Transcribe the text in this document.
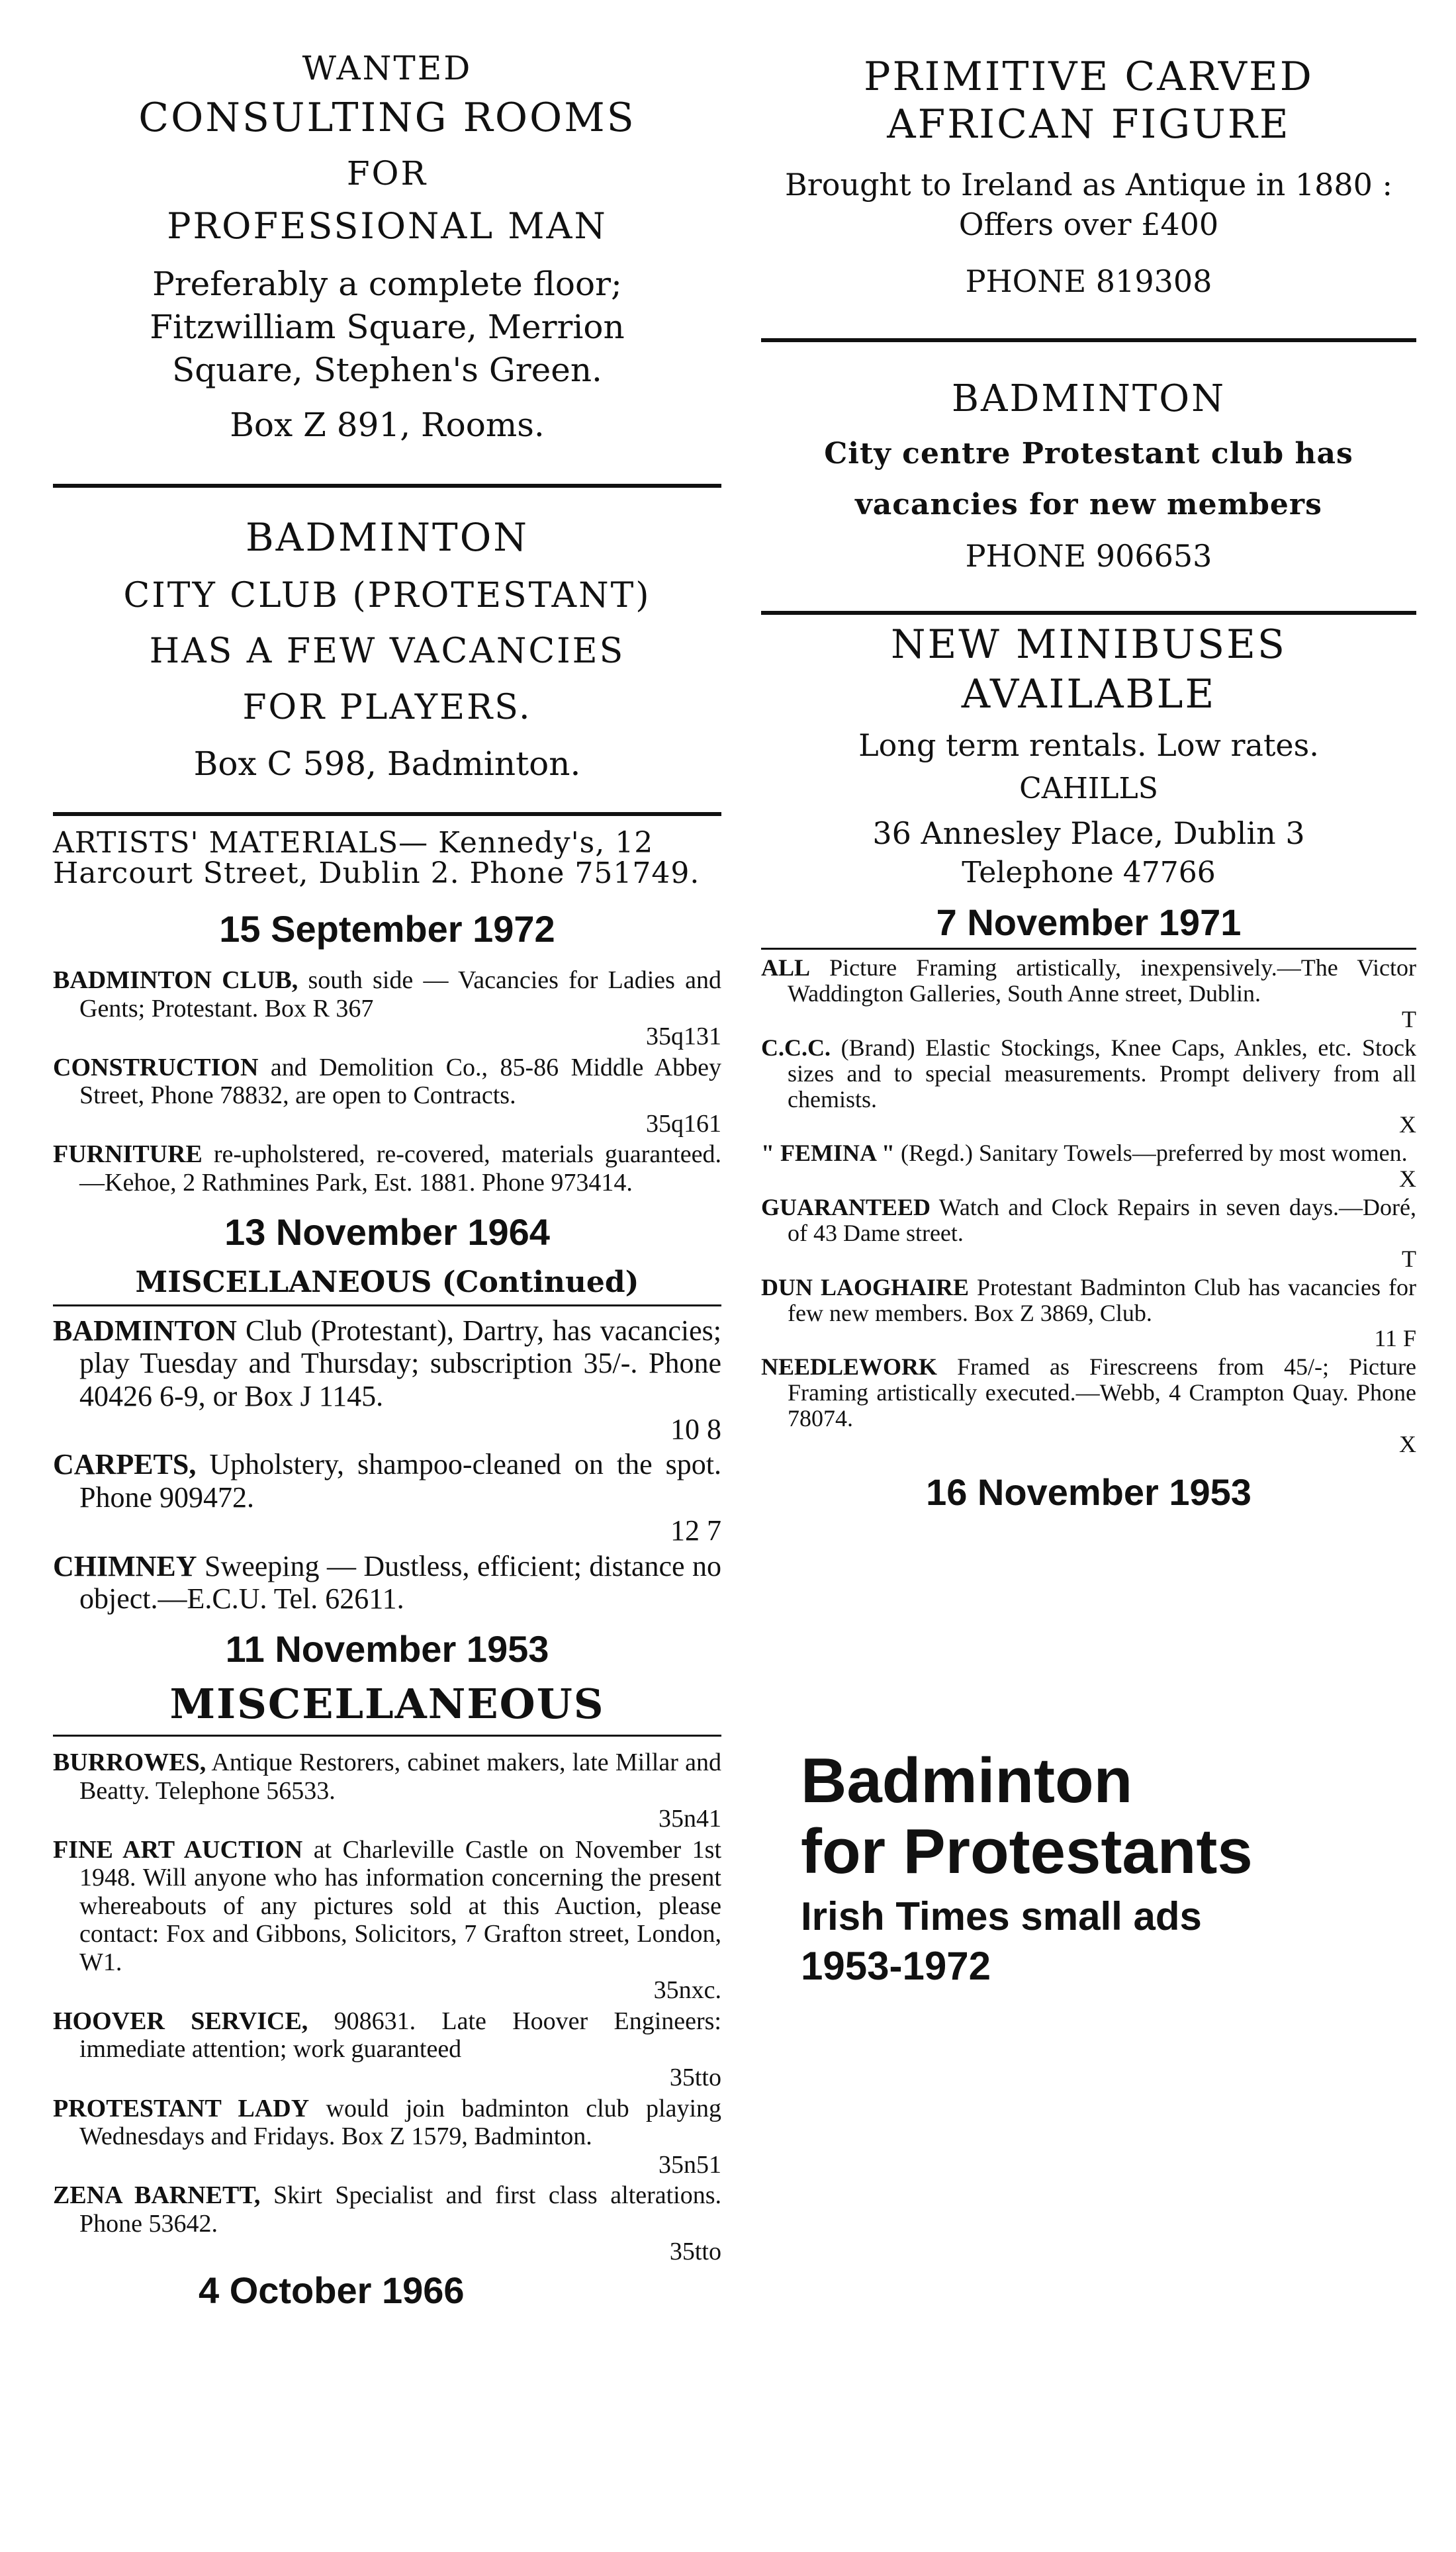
WANTED
CONSULTING ROOMS
FOR
PROFESSIONAL MAN
Preferably a complete floor; Fitzwilliam Square, Merrion Square, Stephen's Green.
Box Z 891, Rooms.
BADMINTON
CITY CLUB (PROTESTANT)
HAS A FEW VACANCIES
FOR PLAYERS.
Box C 598, Badminton.
ARTISTS' MATERIALS— Kennedy's, 12 Harcourt Street, Dublin 2. Phone 751749.
15 September 1972

BADMINTON CLUB, south side — Vacancies for Ladies and Gents; Protestant. Box R 367
35q131

CONSTRUCTION and Demolition Co., 85-86 Middle Abbey Street, Phone 78832, are open to Contracts.
35q161

FURNITURE re-upholstered, re-covered, materials guaranteed.—Kehoe, 2 Rathmines Park, Est. 1881. Phone 973414.

13 November 1964
MISCELLANEOUS (Continued)

BADMINTON Club (Protestant), Dartry, has vacancies; play Tuesday and Thursday; subscription 35/-. Phone 40426 6-9, or Box J 1145.
10 8

CARPETS, Upholstery, shampoo-cleaned on the spot. Phone 909472.
12 7

CHIMNEY Sweeping — Dustless, efficient; distance no object.—E.C.U. Tel. 62611.

11 November 1953
MISCELLANEOUS

BURROWES, Antique Restorers, cabinet makers, late Millar and Beatty. Telephone 56533.
35n41

FINE ART AUCTION at Charleville Castle on November 1st 1948. Will anyone who has information concerning the present whereabouts of any pictures sold at this Auction, please contact: Fox and Gibbons, Solicitors, 7 Grafton street, London, W1.
35nxc.

HOOVER SERVICE, 908631. Late Hoover Engineers: immediate attention; work guaranteed
35tto

PROTESTANT LADY would join badminton club playing Wednesdays and Fridays. Box Z 1579, Badminton.
35n51

ZENA BARNETT, Skirt Specialist and first class alterations. Phone 53642.
35tto

4 October 1966
PRIMITIVE CARVED
AFRICAN FIGURE
Brought to Ireland as Antique in 1880 : Offers over £400
PHONE 819308
BADMINTON
City centre Protestant club has
vacancies for new members
PHONE 906653
NEW MINIBUSES
AVAILABLE
Long term rentals. Low rates.
CAHILLS
36 Annesley Place, Dublin 3
Telephone 47766
7 November 1971

ALL Picture Framing artistically, inexpensively.—The Victor Waddington Galleries, South Anne street, Dublin.
T

C.C.C. (Brand) Elastic Stockings, Knee Caps, Ankles, etc. Stock sizes and to special measurements. Prompt delivery from all chemists.
X

" FEMINA " (Regd.) Sanitary Towels—preferred by most women.
X

GUARANTEED Watch and Clock Repairs in seven days.—Doré, of 43 Dame street.
T

DUN LAOGHAIRE Protestant Badminton Club has vacancies for few new members. Box Z 3869, Club.
11 F

NEEDLEWORK Framed as Firescreens from 45/-; Picture Framing artistically executed.—Webb, 4 Crampton Quay. Phone 78074.
X

16 November 1953
Badminton
for Protestants
Irish Times small ads
1953-1972
